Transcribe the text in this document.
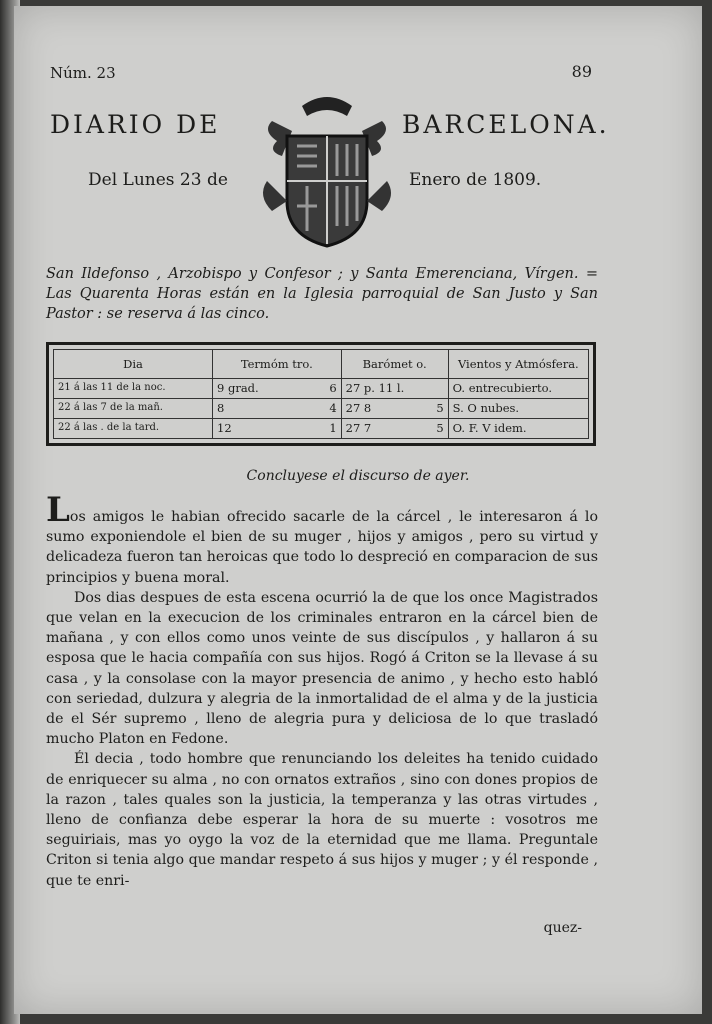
Núm. 23	89
DIARIO DE	BARCELONA.
Del Lunes 23 de	Enero de 1809.
San Ildefonso , Arzobispo y Confesor ; y Santa Emerenciana, Vírgen. = Las Quarenta Horas están en la Iglesia parroquial de San Justo y San Pastor : se reserva á las cinco.
Dia	Termóm tro.		Barómet o.		Vientos y Atmósfera.
21 á las 11 de la noc.	9 grad.	6	27 p. 11 l.		O. entrecubierto.
22 á las 7 de la mañ.	8	4	27 8	5	S. O nubes.
22 á las . de la tard.	12	1	27 7	5	O. F. V idem.
Concluyese el discurso de ayer.

Los amigos le habian ofrecido sacarle de la cárcel , le interesaron á lo sumo exponiendole el bien de su muger , hijos y amigos , pero su virtud y delicadeza fueron tan heroicas que todo lo despreció en comparacion de sus principios y buena moral.

Dos dias despues de esta escena ocurrió la de que los once Magistrados que velan en la execucion de los criminales entraron en la cárcel bien de mañana , y con ellos como unos veinte de sus discípulos , y hallaron á su esposa que le hacia compañía con sus hijos. Rogó á Criton se la llevase á su casa , y la consolase con la mayor presencia de animo , y hecho esto habló con seriedad, dulzura y alegria de la inmortalidad de el alma y de la justicia de el Sér supremo , lleno de alegria pura y deliciosa de lo que trasladó mucho Platon en Fedone.

Él decia , todo hombre que renunciando los deleites ha tenido cuidado de enriquecer su alma , no con ornatos extraños , sino con dones propios de la razon , tales quales son la justicia, la temperanza y las otras virtudes , lleno de confianza debe esperar la hora de su muerte : vosotros me seguiriais, mas yo oygo la voz de la eternidad que me llama. Preguntale Criton si tenia algo que mandar respeto á sus hijos y muger ; y él responde , que te enri-

quez-
